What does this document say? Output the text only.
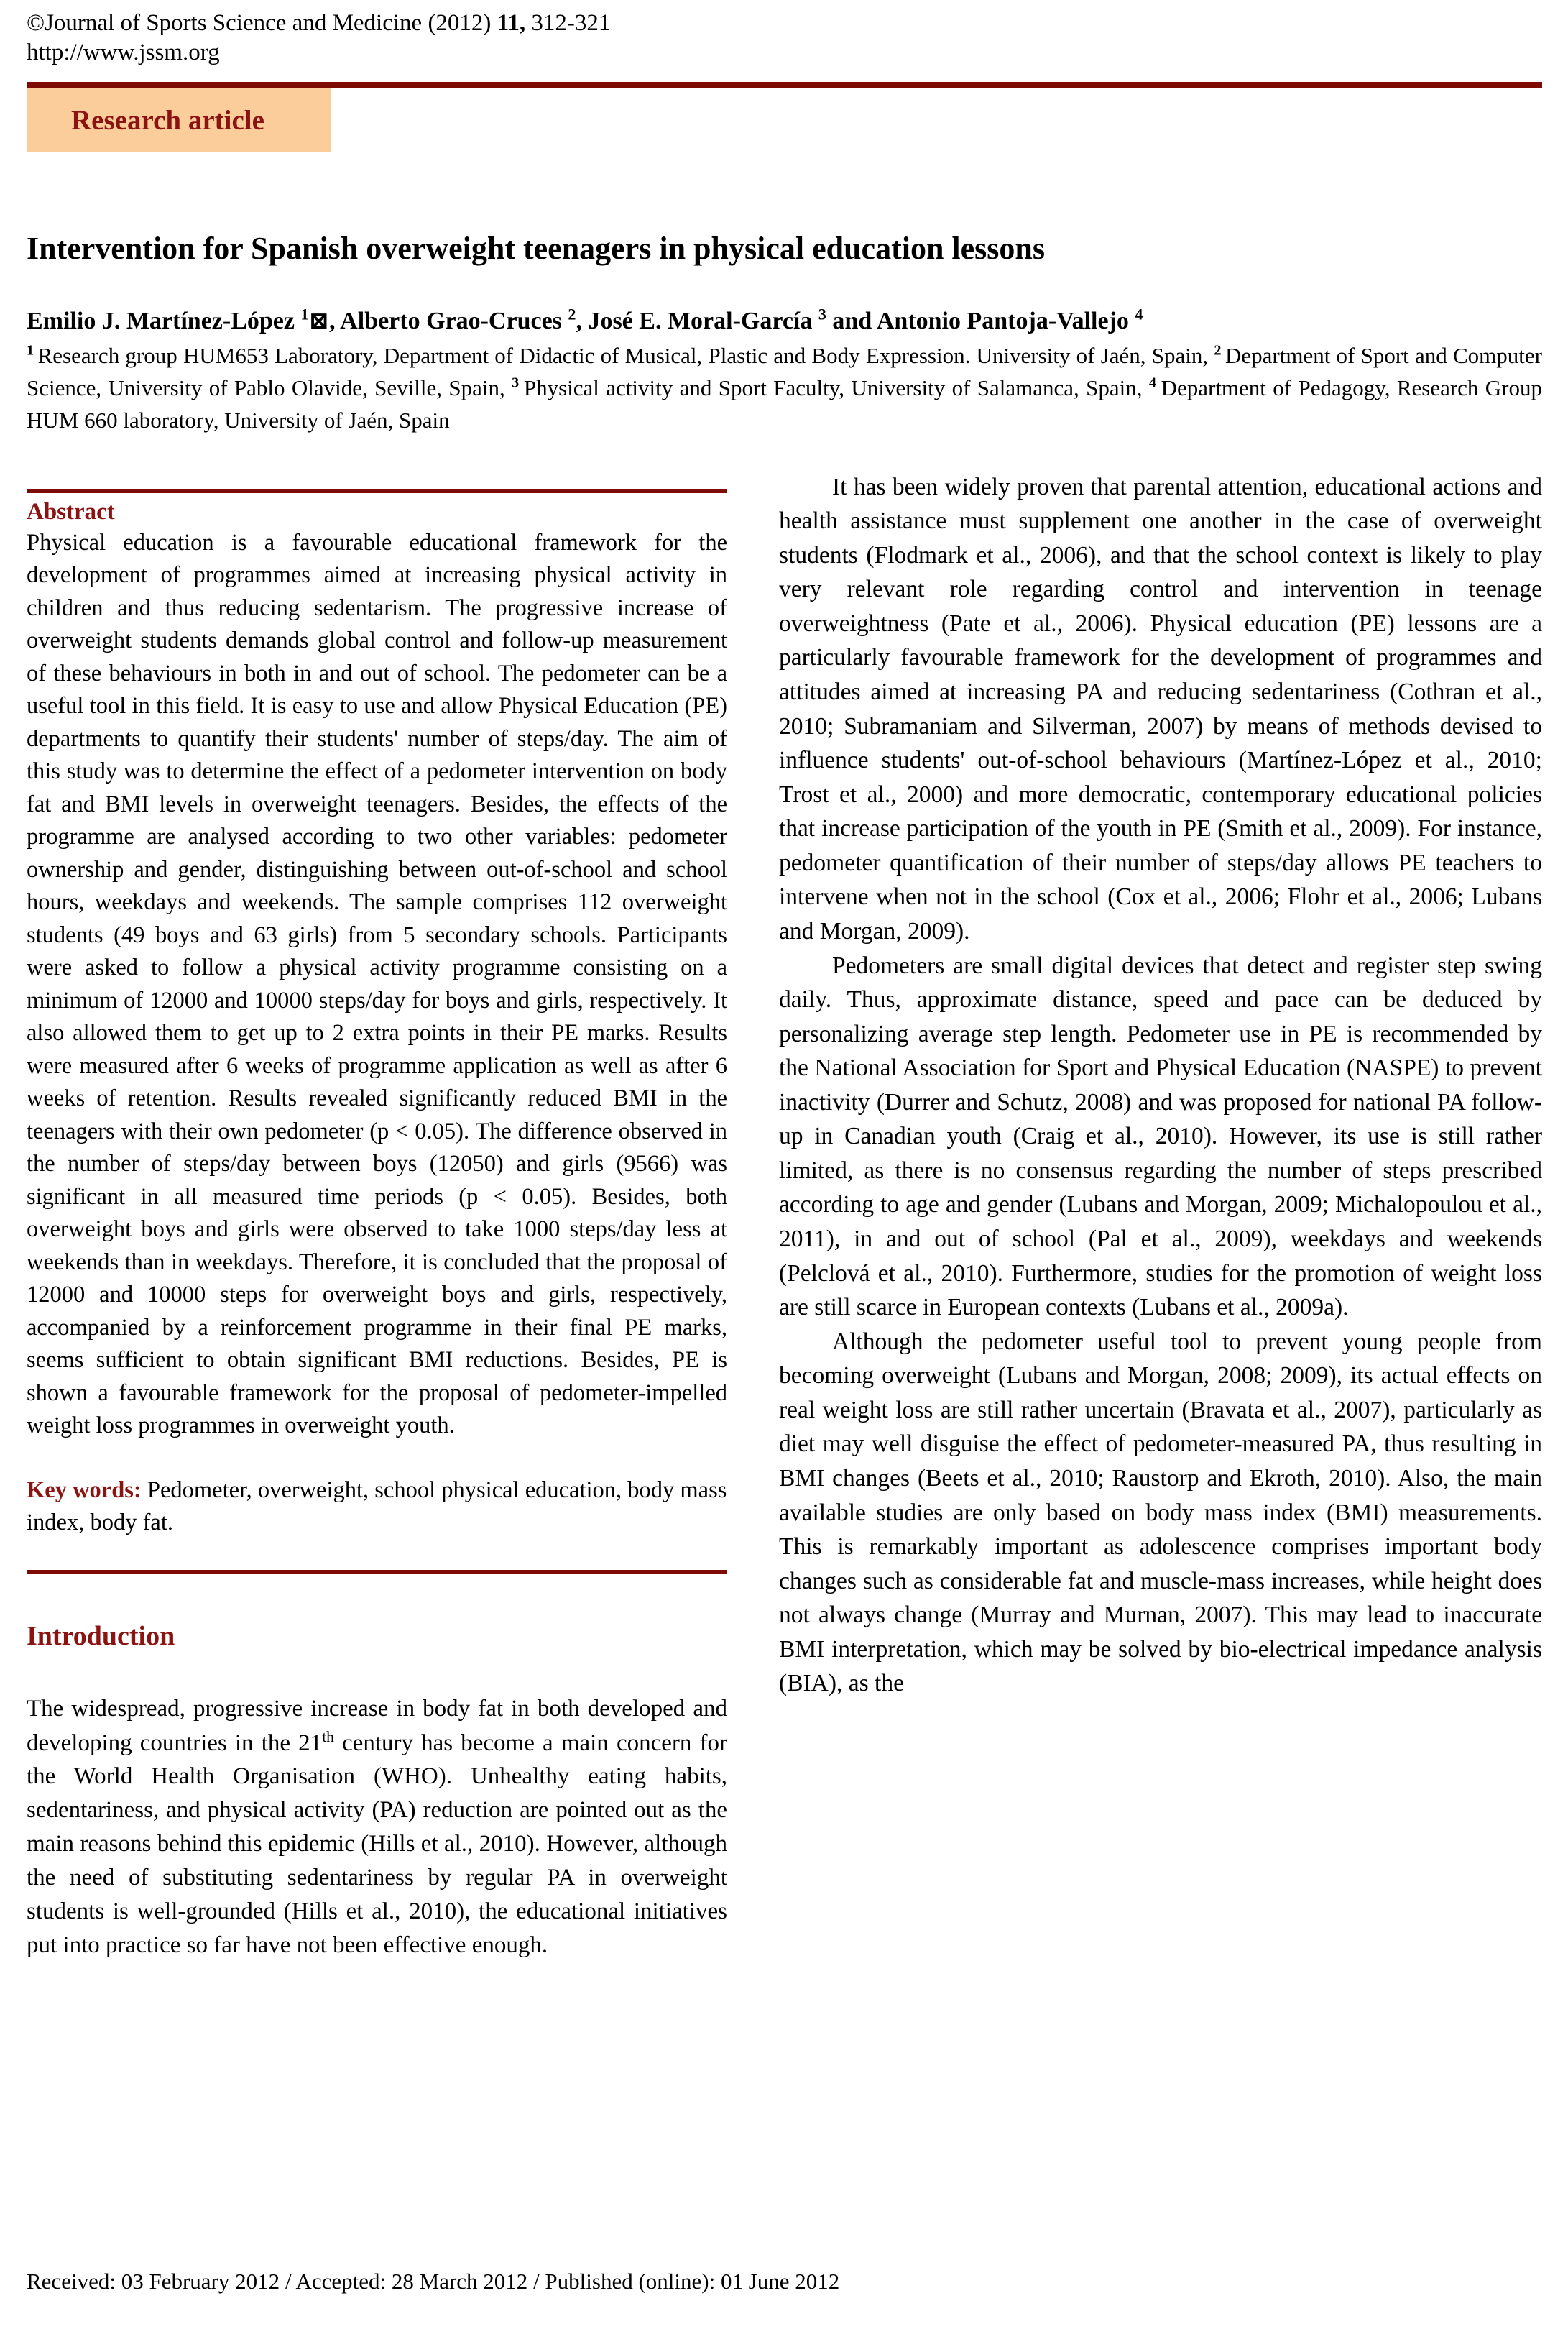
©Journal of Sports Science and Medicine (2012) 11, 312-321
http://www.jssm.org
Research article
Intervention for Spanish overweight teenagers in physical education lessons
Emilio J. Martínez-López $^1$⊠, Alberto Grao-Cruces $^2$, José E. Moral-García $^3$ and Antonio Pantoja-Vallejo $^4$
$^1$ Research group HUM653 Laboratory, Department of Didactic of Musical, Plastic and Body Expression. University of Jaén, Spain, $^2$ Department of Sport and Computer Science, University of Pablo Olavide, Seville, Spain, $^3$ Physical activity and Sport Faculty, University of Salamanca, Spain, $^4$ Department of Pedagogy, Research Group HUM 660 laboratory, University of Jaén, Spain
Abstract

Physical education is a favourable educational framework for the development of programmes aimed at increasing physical activity in children and thus reducing sedentarism. The progressive increase of overweight students demands global control and follow-up measurement of these behaviours in both in and out of school. The pedometer can be a useful tool in this field. It is easy to use and allow Physical Education (PE) departments to quantify their students' number of steps/day. The aim of this study was to determine the effect of a pedometer intervention on body fat and BMI levels in overweight teenagers. Besides, the effects of the programme are analysed according to two other variables: pedometer ownership and gender, distinguishing between out-of-school and school hours, weekdays and weekends. The sample comprises 112 overweight students (49 boys and 63 girls) from 5 secondary schools. Participants were asked to follow a physical activity programme consisting on a minimum of 12000 and 10000 steps/day for boys and girls, respectively. It also allowed them to get up to 2 extra points in their PE marks. Results were measured after 6 weeks of programme application as well as after 6 weeks of retention. Results revealed significantly reduced BMI in the teenagers with their own pedometer (p < 0.05). The difference observed in the number of steps/day between boys (12050) and girls (9566) was significant in all measured time periods (p < 0.05). Besides, both overweight boys and girls were observed to take 1000 steps/day less at weekends than in weekdays. Therefore, it is concluded that the proposal of 12000 and 10000 steps for overweight boys and girls, respectively, accompanied by a reinforcement programme in their final PE marks, seems sufficient to obtain significant BMI reductions. Besides, PE is shown a favourable framework for the proposal of pedometer-impelled weight loss programmes in overweight youth.

Key words: Pedometer, overweight, school physical education, body mass index, body fat.

Introduction

The widespread, progressive increase in body fat in both developed and developing countries in the 21th century has become a main concern for the World Health Organisation (WHO). Unhealthy eating habits, sedentariness, and physical activity (PA) reduction are pointed out as the main reasons behind this epidemic (Hills et al., 2010). However, although the need of substituting sedentariness by regular PA in overweight students is well-grounded (Hills et al., 2010), the educational initiatives put into practice so far have not been effective enough.

It has been widely proven that parental attention, educational actions and health assistance must supplement one another in the case of overweight students (Flodmark et al., 2006), and that the school context is likely to play very relevant role regarding control and intervention in teenage overweightness (Pate et al., 2006). Physical education (PE) lessons are a particularly favourable framework for the development of programmes and attitudes aimed at increasing PA and reducing sedentariness (Cothran et al., 2010; Subramaniam and Silverman, 2007) by means of methods devised to influence students' out-of-school behaviours (Martínez-López et al., 2010; Trost et al., 2000) and more democratic, contemporary educational policies that increase participation of the youth in PE (Smith et al., 2009). For instance, pedometer quantification of their number of steps/day allows PE teachers to intervene when not in the school (Cox et al., 2006; Flohr et al., 2006; Lubans and Morgan, 2009).

Pedometers are small digital devices that detect and register step swing daily. Thus, approximate distance, speed and pace can be deduced by personalizing average step length. Pedometer use in PE is recommended by the National Association for Sport and Physical Education (NASPE) to prevent inactivity (Durrer and Schutz, 2008) and was proposed for national PA follow-up in Canadian youth (Craig et al., 2010). However, its use is still rather limited, as there is no consensus regarding the number of steps prescribed according to age and gender (Lubans and Morgan, 2009; Michalopoulou et al., 2011), in and out of school (Pal et al., 2009), weekdays and weekends (Pelclová et al., 2010). Furthermore, studies for the promotion of weight loss are still scarce in European contexts (Lubans et al., 2009a).

Although the pedometer useful tool to prevent young people from becoming overweight (Lubans and Morgan, 2008; 2009), its actual effects on real weight loss are still rather uncertain (Bravata et al., 2007), particularly as diet may well disguise the effect of pedometer-measured PA, thus resulting in BMI changes (Beets et al., 2010; Raustorp and Ekroth, 2010). Also, the main available studies are only based on body mass index (BMI) measurements. This is remarkably important as adolescence comprises important body changes such as considerable fat and muscle-mass increases, while height does not always change (Murray and Murnan, 2007). This may lead to inaccurate BMI interpretation, which may be solved by bio-electrical impedance analysis (BIA), as the

Received: 03 February 2012 / Accepted: 28 March 2012 / Published (online): 01 June 2012
